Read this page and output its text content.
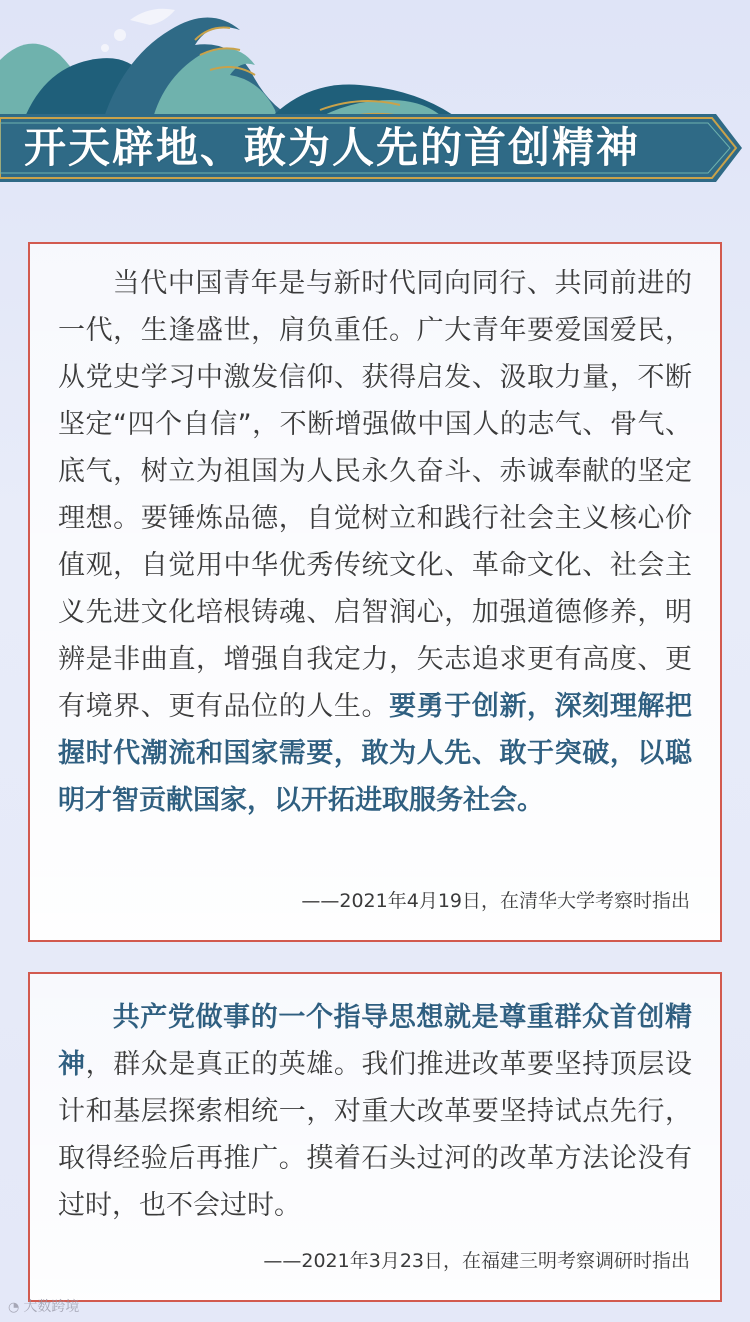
开天辟地、敢为人先的首创精神

当代中国青年是与新时代同向同行、共同前进的一代，生逢盛世，肩负重任。广大青年要爱国爱民，从党史学习中激发信仰、获得启发、汲取力量，不断坚定“四个自信”，不断增强做中国人的志气、骨气、底气，树立为祖国为人民永久奋斗、赤诚奉献的坚定理想。要锤炼品德，自觉树立和践行社会主义核心价值观，自觉用中华优秀传统文化、革命文化、社会主义先进文化培根铸魂、启智润心，加强道德修养，明辨是非曲直，增强自我定力，矢志追求更有高度、更有境界、更有品位的人生。要勇于创新，深刻理解把握时代潮流和国家需要，敢为人先、敢于突破，以聪明才智贡献国家，以开拓进取服务社会。

——2021年4月19日，在清华大学考察时指出

共产党做事的一个指导思想就是尊重群众首创精神，群众是真正的英雄。我们推进改革要坚持顶层设计和基层探索相统一，对重大改革要坚持试点先行，取得经验后再推广。摸着石头过河的改革方法论没有过时，也不会过时。

——2021年3月23日，在福建三明考察调研时指出
◔ 大数跨境
